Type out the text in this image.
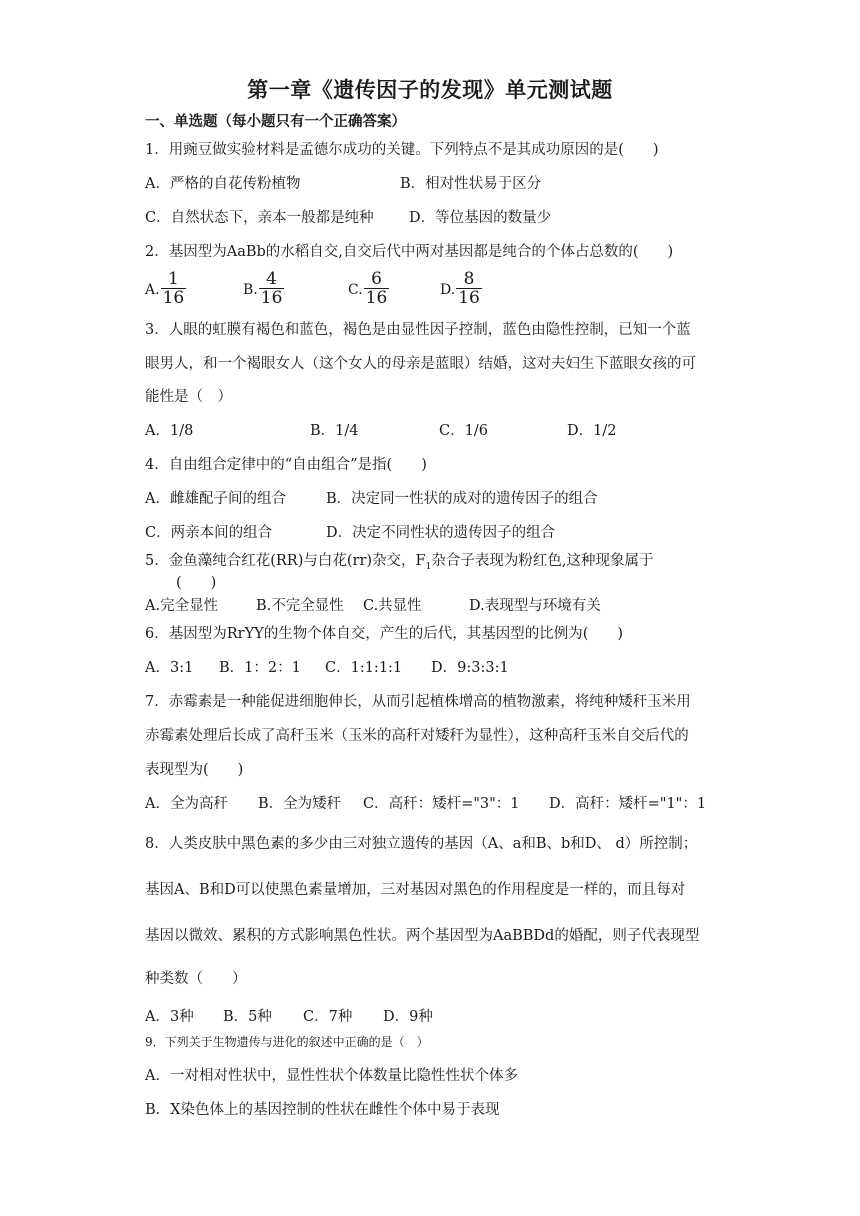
第一章《遗传因子的发现》单元测试题
一、单选题（每小题只有一个正确答案）
1．用豌豆做实验材料是孟德尔成功的关键。下列特点不是其成功原因的是(　　)
A．严格的自花传粉植物	B．相对性状易于区分
C．自然状态下，亲本一般都是纯种 D．等位基因的数量少
2．基因型为AaBb的水稻自交,自交后代中两对基因都是纯合的个体占总数的(　　)
A. $\frac{1}{16}$	B. $\frac{4}{16}$	C. $\frac{6}{16}$	D. $\frac{8}{16}$
3．人眼的虹膜有褐色和蓝色，褐色是由显性因子控制，蓝色由隐性控制，已知一个蓝
眼男人，和一个褐眼女人（这个女人的母亲是蓝眼）结婚，这对夫妇生下蓝眼女孩的可
能性是（　）
A．1/8	B．1/4	C．1/6	D．1/2
4．自由组合定律中的“自由组合”是指(　　)
A．雌雄配子间的组合	B．决定同一性状的成对的遗传因子的组合
C．两亲本间的组合	D．决定不同性状的遗传因子的组合
5．金鱼藻纯合红花(RR)与白花(rr)杂交，$F_1$杂合子表现为粉红色,这种现象属于
(　　)
A.完全显性	B.不完全显性 C.共显性	D.表现型与环境有关
6．基因型为RrYY的生物个体自交，产生的后代，其基因型的比例为(　　)
A．3:1 B．1：2：1 C．1:1:1:1 D．9:3:3:1
7．赤霉素是一种能促进细胞伸长，从而引起植株增高的植物激素，将纯种矮秆玉米用
赤霉素处理后长成了高秆玉米（玉米的高秆对矮秆为显性），这种高秆玉米自交后代的
表现型为(　　)
A．全为高秆 B．全为矮秆 C．高秆：矮杆="3"：1 D．高秆：矮杆="1"：1
8．人类皮肤中黑色素的多少由三对独立遗传的基因（A、a和B、b和D、 d）所控制；
基因A、B和D可以使黑色素量增加，三对基因对黑色的作用程度是一样的，而且每对
基因以微效、累积的方式影响黑色性状。两个基因型为AaBBDd的婚配，则子代表现型
种类数（　　）
A．3种 B．5种 C．7种 D．9种
9．下列关于生物遗传与进化的叙述中正确的是（　）
A．一对相对性状中，显性性状个体数量比隐性性状个体多
B．X染色体上的基因控制的性状在雌性个体中易于表现
